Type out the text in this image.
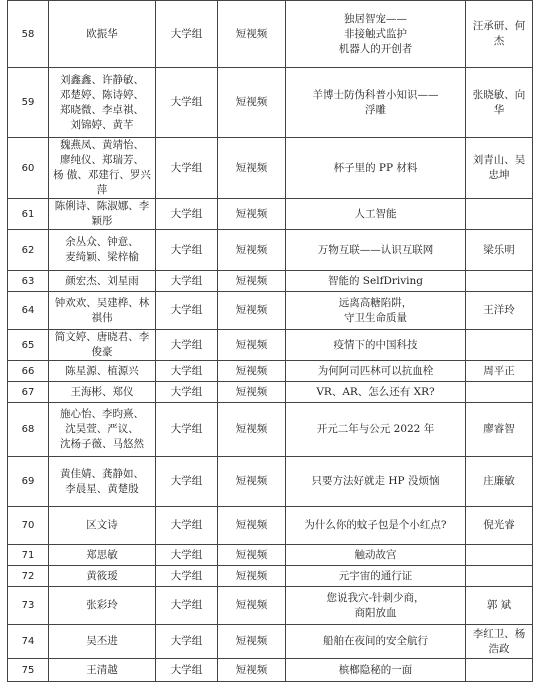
58	欧振华	大学组	短视频	独居智宠——
非接触式监护
机器人的开创者	汪承研、何 杰
59	刘鑫鑫、许静敏、
邓楚婷、陈诗婷、
郑晓微、李卓祺、
刘锦婷、黄芊	大学组	短视频	羊博士防伪科普小知识——
浮雕	张晓敏、向 华
60	魏燕凤、黄靖怡、
廖纯仪、郑瑞芳、
杨 傲、邓建行、罗兴萍	大学组	短视频	杯子里的 PP 材料	刘青山、吴
忠坤
61	陈俐诗、陈淑娜、李颖彤	大学组	短视频	人工智能	
62	余丛众、钟意、
麦绮颖、梁梓榆	大学组	短视频	万物互联——认识互联网	梁乐明
63	颜宏杰、刘星雨	大学组	短视频	智能的 SelfDriving	
64	钟欢欢、吴建桦、林祺伟	大学组	短视频	远离高糖陷阱，
守卫生命质量	王洋玲
65	简文婷、唐晓君、李俊豪	大学组	短视频	疫情下的中国科技	
66	陈星源、植源兴	大学组	短视频	为何阿司匹林可以抗血栓	周平正
67	王海彬、郑仪	大学组	短视频	VR、AR、怎么还有 XR?	
68	施心怡、李昀熹、
沈昊萱、严议、
沈杨子薇、马悠然	大学组	短视频	开元二年与公元 2022 年	廖睿智
69	黄佳婧、龚静如、
李晨星、黄楚殷	大学组	短视频	只要方法好就走 HP 没烦恼	庄廉敏
70	区文诗	大学组	短视频	为什么你的蚊子包是个小红点?	倪光睿
71	郑思敏	大学组	短视频	触动故宫	
72	黄筱瑷	大学组	短视频	元宇宙的通行证	
73	张彩玲	大学组	短视频	您说我穴-针刺少商，
商阳放血	郭 斌
74	吴丕进	大学组	短视频	船舶在夜间的安全航行	李红卫、杨
浩政
75	王清越	大学组	短视频	槟榔隐秘的一面	
